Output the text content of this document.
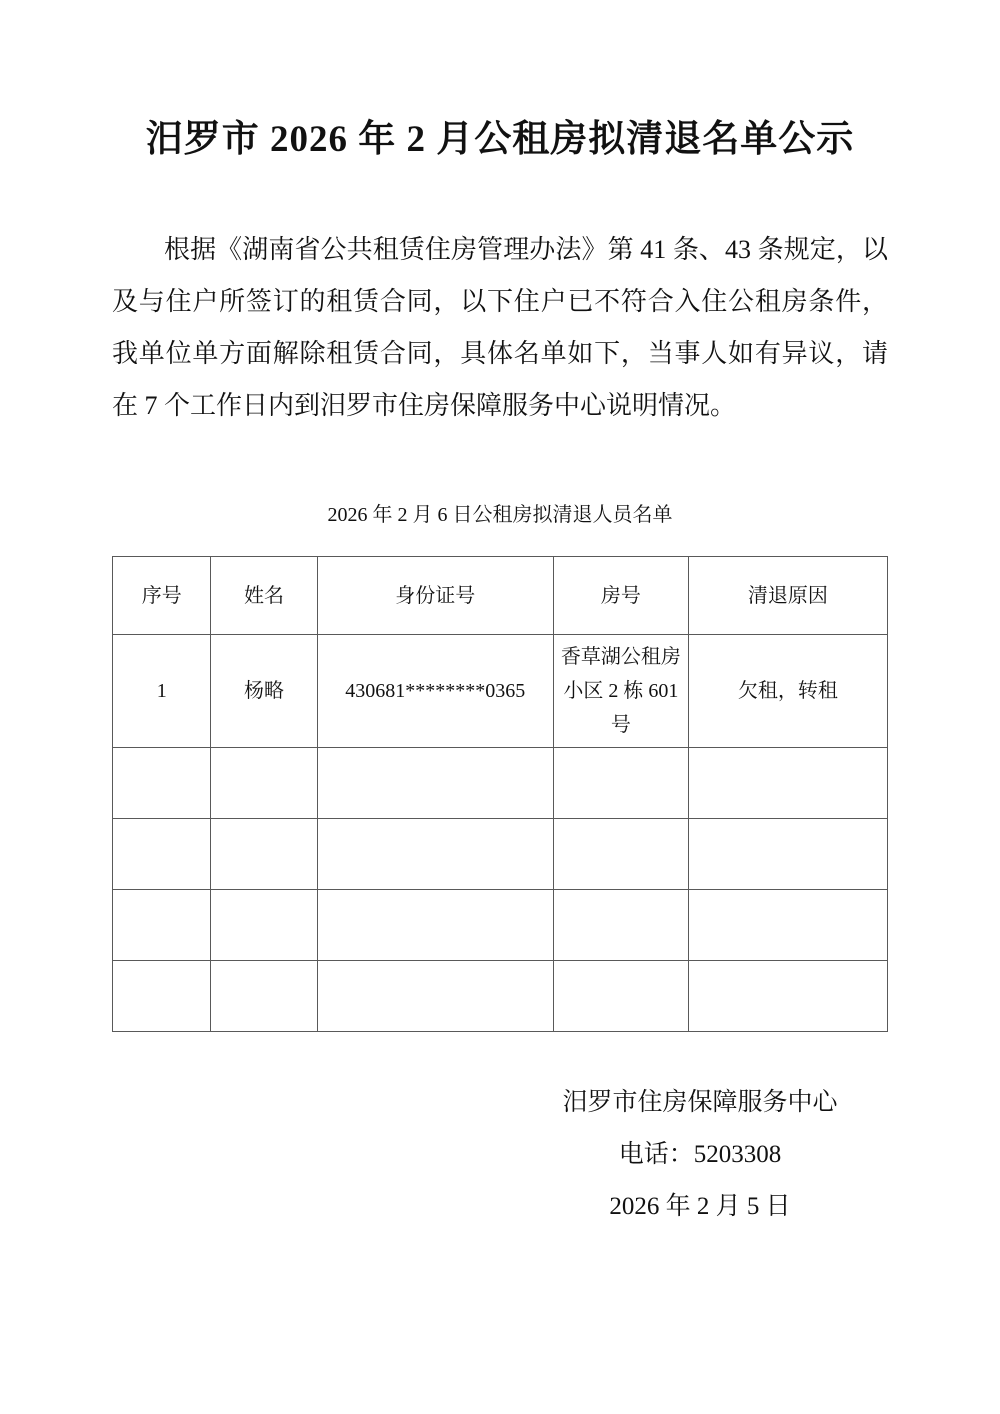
汨罗市 2026 年 2 月公租房拟清退名单公示

根据《湖南省公共租赁住房管理办法》第 41 条、43 条规定，以及与住户所签订的租赁合同，以下住户已不符合入住公租房条件，我单位单方面解除租赁合同，具体名单如下，当事人如有异议，请在 7 个工作日内到汨罗市住房保障服务中心说明情况。

2026 年 2 月 6 日公租房拟清退人员名单

序号	姓名	身份证号	房号	清退原因
1	杨略	430681********0365	香草湖公租房小区 2 栋 601 号	欠租，转租

汨罗市住房保障服务中心
电话：5203308
2026 年 2 月 5 日
